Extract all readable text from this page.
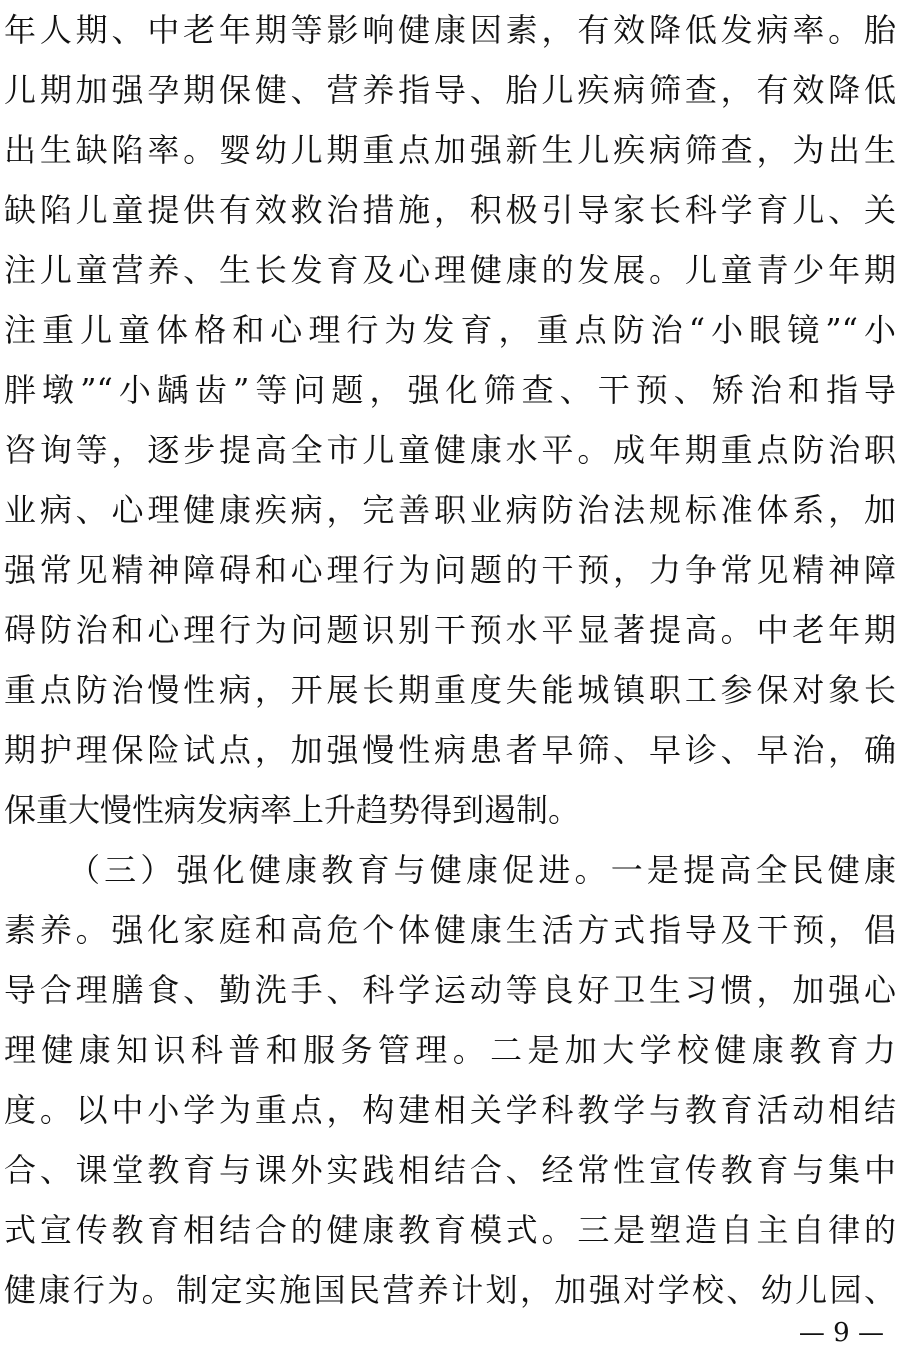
年人期、中老年期等影响健康因素，有效降低发病率。胎
儿期加强孕期保健、营养指导、胎儿疾病筛查，有效降低
出生缺陷率。婴幼儿期重点加强新生儿疾病筛查，为出生
缺陷儿童提供有效救治措施，积极引导家长科学育儿、关
注儿童营养、生长发育及心理健康的发展。儿童青少年期
注重儿童体格和心理行为发育，重点防治“小眼镜”“小
胖墩”“小龋齿”等问题，强化筛查、干预、矫治和指导
咨询等，逐步提高全市儿童健康水平。成年期重点防治职
业病、心理健康疾病，完善职业病防治法规标准体系，加
强常见精神障碍和心理行为问题的干预，力争常见精神障
碍防治和心理行为问题识别干预水平显著提高。中老年期
重点防治慢性病，开展长期重度失能城镇职工参保对象长
期护理保险试点，加强慢性病患者早筛、早诊、早治，确
保重大慢性病发病率上升趋势得到遏制。
（三）强化健康教育与健康促进。一是提高全民健康
素养。强化家庭和高危个体健康生活方式指导及干预，倡
导合理膳食、勤洗手、科学运动等良好卫生习惯，加强心
理健康知识科普和服务管理。二是加大学校健康教育力
度。以中小学为重点，构建相关学科教学与教育活动相结
合、课堂教育与课外实践相结合、经常性宣传教育与集中
式宣传教育相结合的健康教育模式。三是塑造自主自律的
健康行为。制定实施国民营养计划，加强对学校、幼儿园、
— 9 —
